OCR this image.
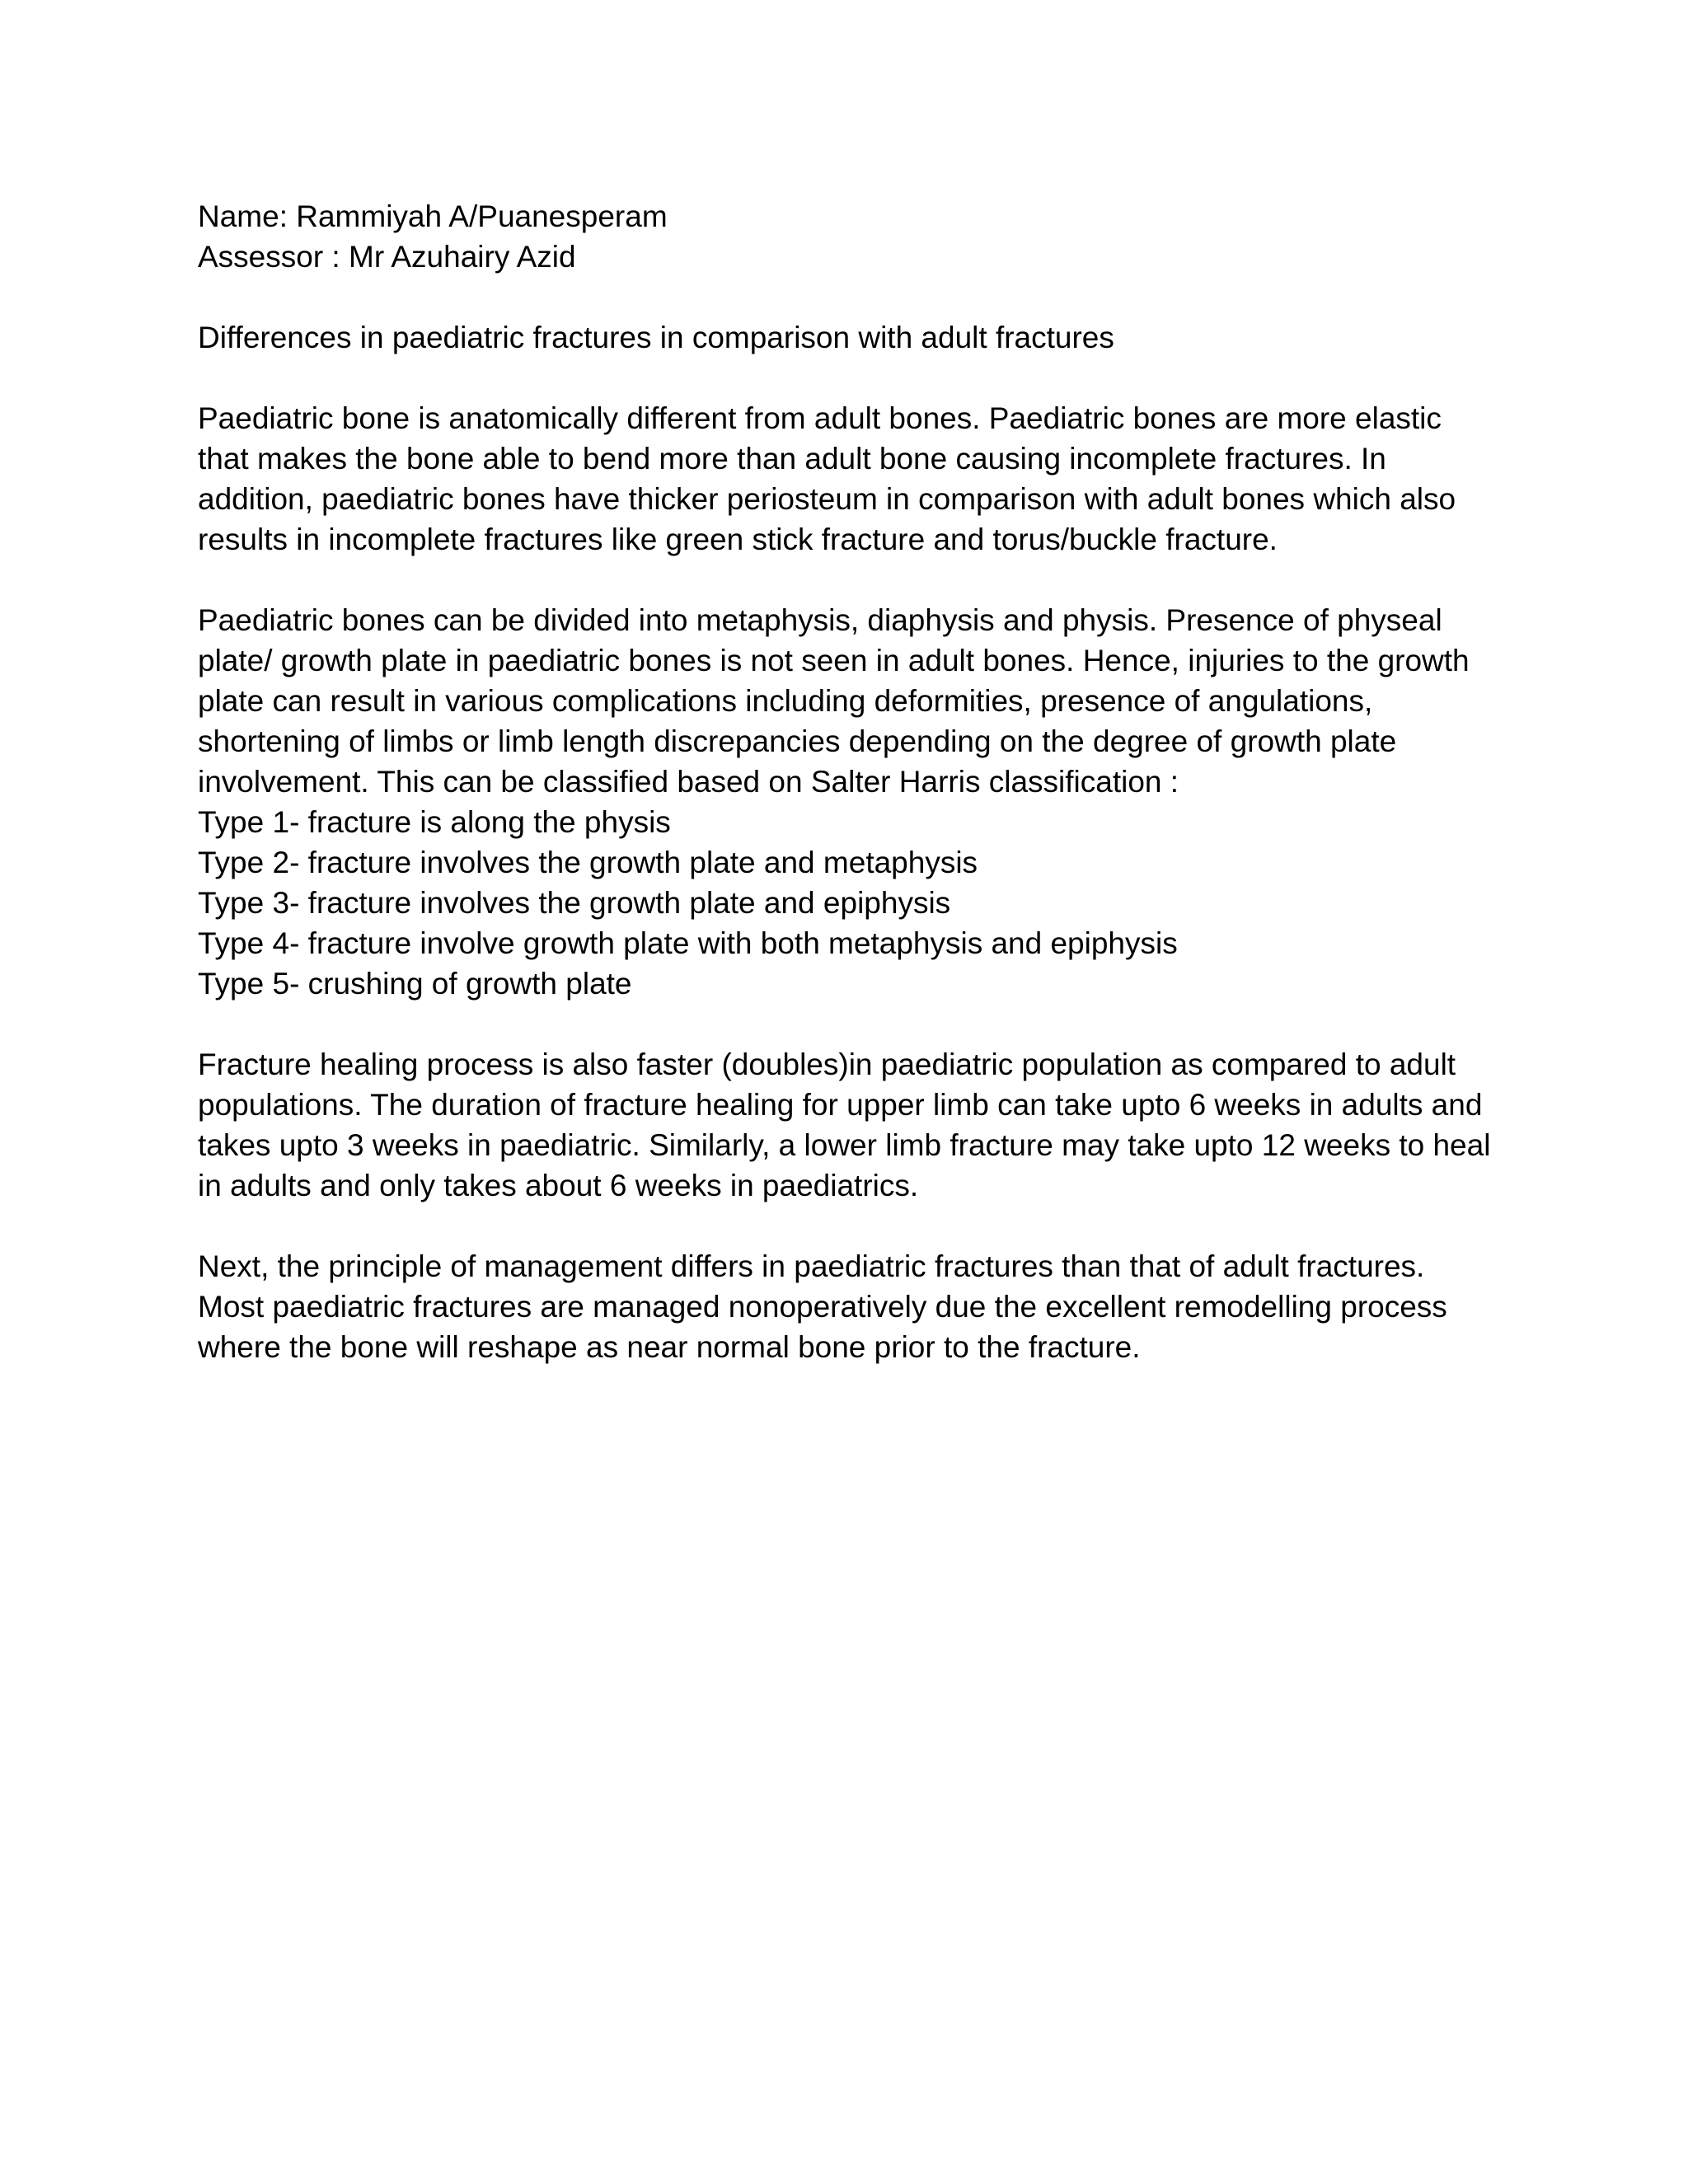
Name: Rammiyah A/Puanesperam
Assessor : Mr Azuhairy Azid
Differences in paediatric fractures in comparison with adult fractures
Paediatric bone is anatomically different from adult bones. Paediatric bones are more elastic
that makes the bone able to bend more than adult bone causing incomplete fractures. In
addition, paediatric bones have thicker periosteum in comparison with adult bones which also
results in incomplete fractures like green stick fracture and torus/buckle fracture.
Paediatric bones can be divided into metaphysis, diaphysis and physis. Presence of physeal
plate/ growth plate in paediatric bones is not seen in adult bones. Hence, injuries to the growth
plate can result in various complications including deformities, presence of angulations,
shortening of limbs or limb length discrepancies depending on the degree of growth plate
involvement. This can be classified based on Salter Harris classification :
Type 1- fracture is along the physis
Type 2- fracture involves the growth plate and metaphysis
Type 3- fracture involves the growth plate and epiphysis
Type 4- fracture involve growth plate with both metaphysis and epiphysis
Type 5- crushing of growth plate
Fracture healing process is also faster (doubles)in paediatric population as compared to adult
populations. The duration of fracture healing for upper limb can take upto 6 weeks in adults and
takes upto 3 weeks in paediatric. Similarly, a lower limb fracture may take upto 12 weeks to heal
in adults and only takes about 6 weeks in paediatrics.
Next, the principle of management differs in paediatric fractures than that of adult fractures.
Most paediatric fractures are managed nonoperatively due the excellent remodelling process
where the bone will reshape as near normal bone prior to the fracture.
